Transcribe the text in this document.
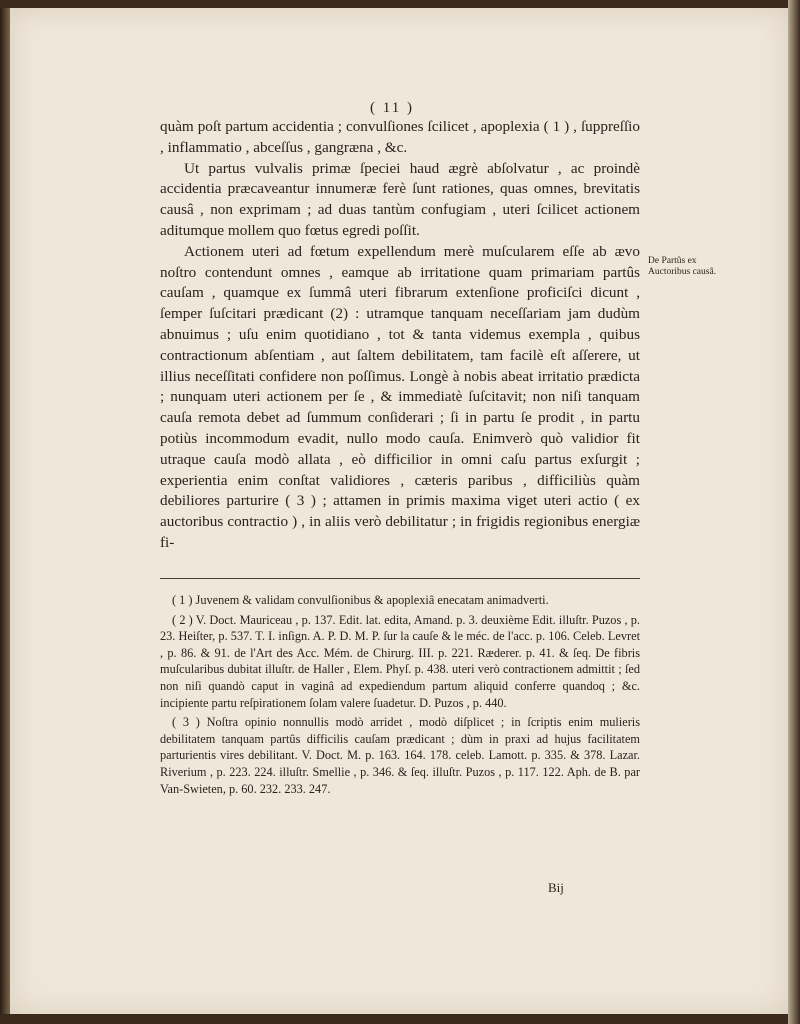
( 11 )

quàm poſt partum accidentia ; convulſiones ſcilicet , apoplexia ( 1 ) , ſuppreſſio , inflammatio , abceſſus , gangræna , &c.

Ut partus vulvalis primæ ſpeciei haud ægrè abſolvatur , ac proindè accidentia præcaveantur innumeræ ferè ſunt rationes, quas omnes, brevitatis causâ , non exprimam ; ad duas tantùm confugiam , uteri ſcilicet actionem aditumque mollem quo fœtus egredi poſſit.

Actionem uteri ad fœtum expellendum merè muſcularem eſſe ab ævo noſtro contendunt omnes , eamque ab irritatione quam primariam partûs cauſam , quamque ex ſummâ uteri fibrarum extenſione proficiſci dicunt , ſemper ſuſcitari prædicant (2) : utramque tanquam neceſſariam jam dudùm abnuimus ; uſu enim quotidiano , tot & tanta videmus exempla , quibus contractionum abſentiam , aut ſaltem debilitatem, tam facilè eſt aſſerere, ut illius neceſſitati confidere non poſſimus. Longè à nobis abeat irritatio prædicta ; nunquam uteri actionem per ſe , & immediatè ſuſcitavit; non niſi tanquam cauſa remota debet ad ſummum conſiderari ; ſi in partu ſe prodit , in partu potiùs incommodum evadit, nullo modo cauſa. Enimverò quò validior fit utraque cauſa modò allata , eò difficilior in omni caſu partus exſurgit ; experientia enim conſtat validiores , cæteris paribus , difficiliùs quàm debiliores parturire ( 3 ) ; attamen in primis maxima viget uteri actio ( ex auctoribus contractio ) , in aliis verò debilitatur ; in frigidis regionibus energiæ fi-

De Partûs ex Auctoribus causâ.

( 1 ) Juvenem & validam convulſionibus & apoplexiâ enecatam animadverti.

( 2 ) V. Doct. Mauriceau , p. 137. Edit. lat. edita, Amand. p. 3. deuxième Edit. illuſtr. Puzos , p. 23. Heiſter, p. 537. T. I. inſign. A. P. D. M. P. ſur la cauſe & le méc. de l'acc. p. 106. Celeb. Levret , p. 86. & 91. de l'Art des Acc. Mém. de Chirurg. III. p. 221. Ræderer. p. 41. & ſeq. De fibris muſcularibus dubitat illuſtr. de Haller , Elem. Phyſ. p. 438. uteri verò contractionem admittit ; ſed non niſi quandò caput in vaginâ ad expediendum partum aliquid conferre quandoq ; &c. incipiente partu reſpirationem ſolam valere ſuadetur. D. Puzos , p. 440.

( 3 ) Noſtra opinio nonnullis modò arridet , modò diſplicet ; in ſcriptis enim mulieris debilitatem tanquam partûs difficilis cauſam prædicant ; dùm in praxi ad hujus facilitatem parturientis vires debilitant. V. Doct. M. p. 163. 164. 178. celeb. Lamott. p. 335. & 378. Lazar. Riverium , p. 223. 224. illuſtr. Smellie , p. 346. & ſeq. illuſtr. Puzos , p. 117. 122. Aph. de B. par Van-Swieten, p. 60. 232. 233. 247.

Bij
